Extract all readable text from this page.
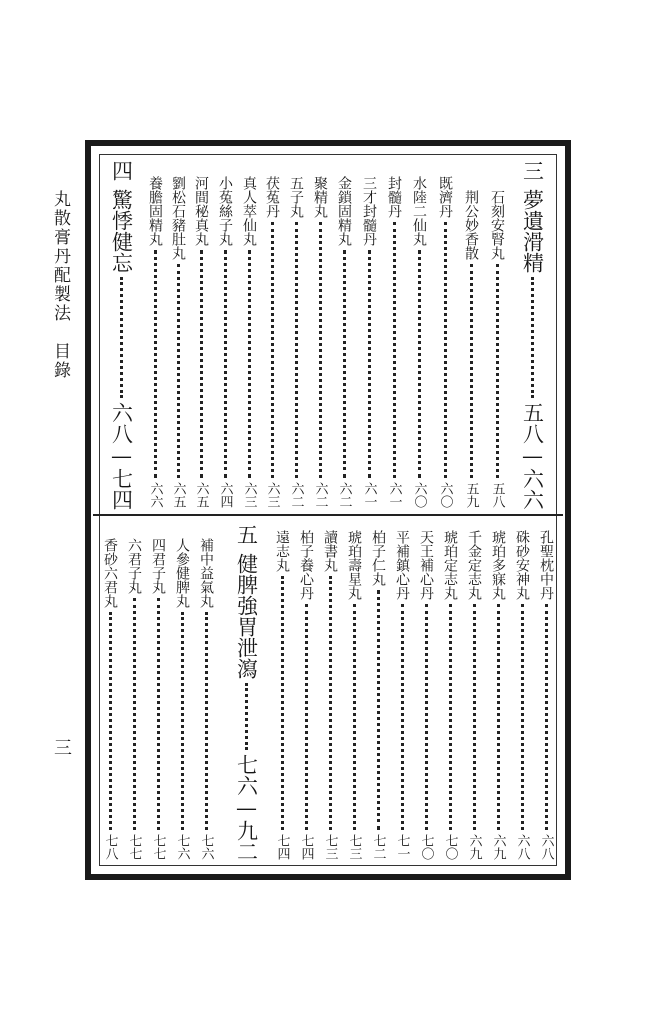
丸散膏丹配製法　目錄
三
三
夢遺滑精
五八—六六
石刻安腎丸
五八
荆公妙香散
五九
既濟丹
六〇
水陸二仙丸
六〇
封髓丹
六一
三才封髓丹
六一
金鎖固精丸
六二
聚精丸
六二
五子丸
六二
茯菟丹
六三
真人萃仙丸
六三
小菟絲子丸
六四
河間秘真丸
六五
劉松石豬肚丸
六五
養膽固精丸
六六
四
驚悸健忘
六八—七四
孔聖枕中丹
六八
硃砂安神丸
六八
琥珀多寐丸
六九
千金定志丸
六九
琥珀定志丸
七〇
天王補心丹
七〇
平補鎮心丹
七一
柏子仁丸
七二
琥珀壽星丸
七三
讀書丸
七三
柏子養心丹
七四
遠志丸
七四
五
健脾強胃泄瀉
七六—九二
補中益氣丸
七六
人參健脾丸
七六
四君子丸
七七
六君子丸
七七
香砂六君丸
七八
